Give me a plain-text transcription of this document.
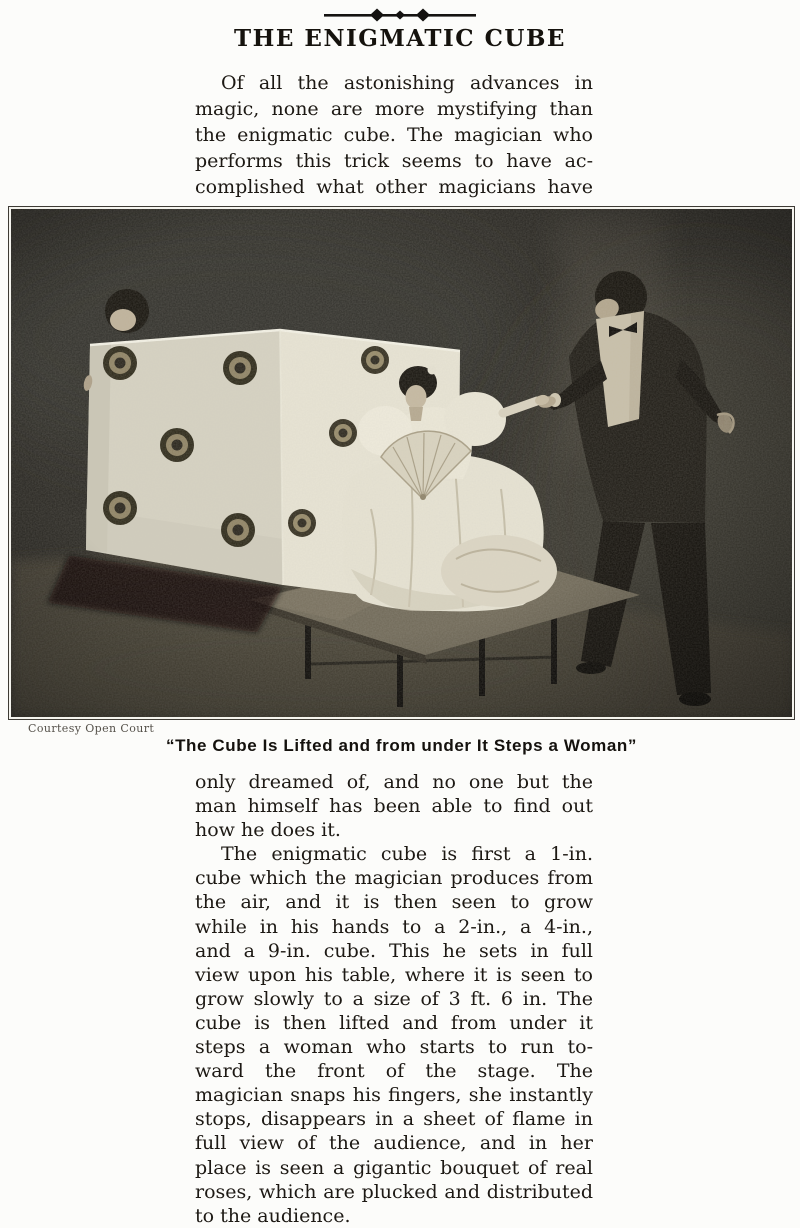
THE ENIGMATIC CUBE
Of all the astonishing advances in
magic, none are more mystifying than
the enigmatic cube. The magician who
performs this trick seems to have ac-
complished what other magicians have
Courtesy Open Court
“The Cube Is Lifted and from under It Steps a Woman”
only dreamed of, and no one but the
man himself has been able to find out
how he does it.
The enigmatic cube is first a 1-in.
cube which the magician produces from
the air, and it is then seen to grow
while in his hands to a 2-in., a 4-in.,
and a 9-in. cube. This he sets in full
view upon his table, where it is seen to
grow slowly to a size of 3 ft. 6 in. The
cube is then lifted and from under it
steps a woman who starts to run to-
ward the front of the stage. The
magician snaps his fingers, she instantly
stops, disappears in a sheet of flame in
full view of the audience, and in her
place is seen a gigantic bouquet of real
roses, which are plucked and distributed
to the audience.
